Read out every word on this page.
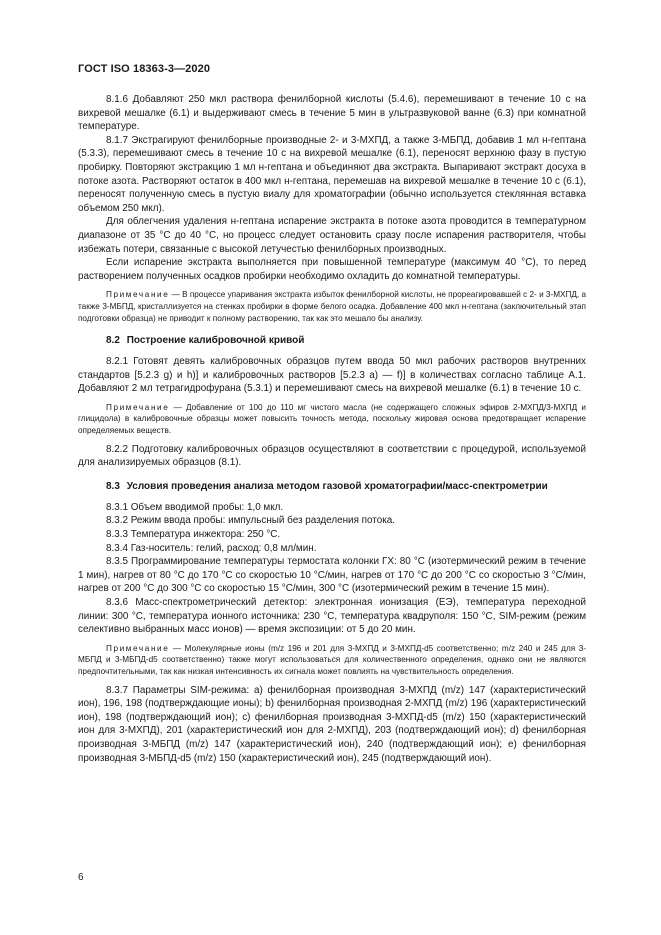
ГОСТ ISO 18363-3—2020

8.1.6 Добавляют 250 мкл раствора фенилборной кислоты (5.4.6), перемешивают в течение 10 с на вихревой мешалке (6.1) и выдерживают смесь в течение 5 мин в ультразвуковой ванне (6.3) при комнатной температуре.

8.1.7 Экстрагируют фенилборные производные 2- и 3-МХПД, а также 3-МБПД, добавив 1 мл н-гептана (5.3.3), перемешивают смесь в течение 10 с на вихревой мешалке (6.1), переносят верхнюю фазу в пустую пробирку. Повторяют экстракцию 1 мл н-гептана и объединяют два экстракта. Выпаривают экстракт досуха в потоке азота. Растворяют остаток в 400 мкл н-гептана, перемешав на вихревой мешалке в течение 10 с (6.1), переносят полученную смесь в пустую виалу для хроматографии (обычно используется стеклянная вставка объемом 250 мкл).

Для облегчения удаления н-гептана испарение экстракта в потоке азота проводится в температурном диапазоне от 35 °С до 40 °С, но процесс следует остановить сразу после испарения растворителя, чтобы избежать потери, связанные с высокой летучестью фенилборных производных.

Если испарение экстракта выполняется при повышенной температуре (максимум 40 °С), то перед растворением полученных осадков пробирки необходимо охладить до комнатной температуры.

Примечание — В процессе упаривания экстракта избыток фенилборной кислоты, не прореагировавшей с 2- и 3-МХПД, а также 3-МБПД, кристаллизуется на стенках пробирки в форме белого осадка. Добавление 400 мкл н-гептана (заключительный этап подготовки образца) не приводит к полному растворению, так как это мешало бы анализу.

8.2 Построение калибровочной кривой

8.2.1 Готовят девять калибровочных образцов путем ввода 50 мкл рабочих растворов внутренних стандартов [5.2.3 g) и h)] и калибровочных растворов [5.2.3 а) — f)] в количествах согласно таблице А.1. Добавляют 2 мл тетрагидрофурана (5.3.1) и перемешивают смесь на вихревой мешалке (6.1) в течение 10 с.

Примечание — Добавление от 100 до 110 мг чистого масла (не содержащего сложных эфиров 2-МХПД/3-МХПД и глицидола) в калибровочные образцы может повысить точность метода, поскольку жировая основа предотвращает испарение определяемых веществ.

8.2.2 Подготовку калибровочных образцов осуществляют в соответствии с процедурой, используемой для анализируемых образцов (8.1).

8.3 Условия проведения анализа методом газовой хроматографии/масс-спектрометрии

8.3.1 Объем вводимой пробы: 1,0 мкл.

8.3.2 Режим ввода пробы: импульсный без разделения потока.

8.3.3 Температура инжектора: 250 °С.

8.3.4 Газ-носитель: гелий, расход: 0,8 мл/мин.

8.3.5 Программирование температуры термостата колонки ГХ: 80 °С (изотермический режим в течение 1 мин), нагрев от 80 °С до 170 °С со скоростью 10 °С/мин, нагрев от 170 °С до 200 °С со скоростью 3 °С/мин, нагрев от 200 °С до 300 °С со скоростью 15 °С/мин, 300 °С (изотермический режим в течение 15 мин).

8.3.6 Масс-спектрометрический детектор: электронная ионизация (ЕЭ), температура переходной линии: 300 °С, температура ионного источника: 230 °С, температура квадруполя: 150 °С, SIM-режим (режим селективно выбранных масс ионов) — время экспозиции: от 5 до 20 мин.

Примечание — Молекулярные ионы (m/z 196 и 201 для 3-МХПД и 3-МХПД-d5 соответственно; m/z 240 и 245 для 3-МБПД и 3-МБПД-d5 соответственно) также могут использоваться для количественного определения, однако они не являются предпочтительными, так как низкая интенсивность их сигнала может повлиять на чувствительность определения.

8.3.7 Параметры SIM-режима: а) фенилборная производная 3-МХПД (m/z) 147 (характеристический ион), 196, 198 (подтверждающие ионы); b) фенилборная производная 2-МХПД (m/z) 196 (характеристический ион), 198 (подтверждающий ион); с) фенилборная производная 3-МХПД-d5 (m/z) 150 (характеристический ион для 3-МХПД), 201 (характеристический ион для 2-МХПД), 203 (подтверждающий ион); d) фенилборная производная 3-МБПД (m/z) 147 (характеристический ион), 240 (подтверждающий ион); е) фенилборная производная 3-МБПД-d5 (m/z) 150 (характеристический ион), 245 (подтверждающий ион).

6
